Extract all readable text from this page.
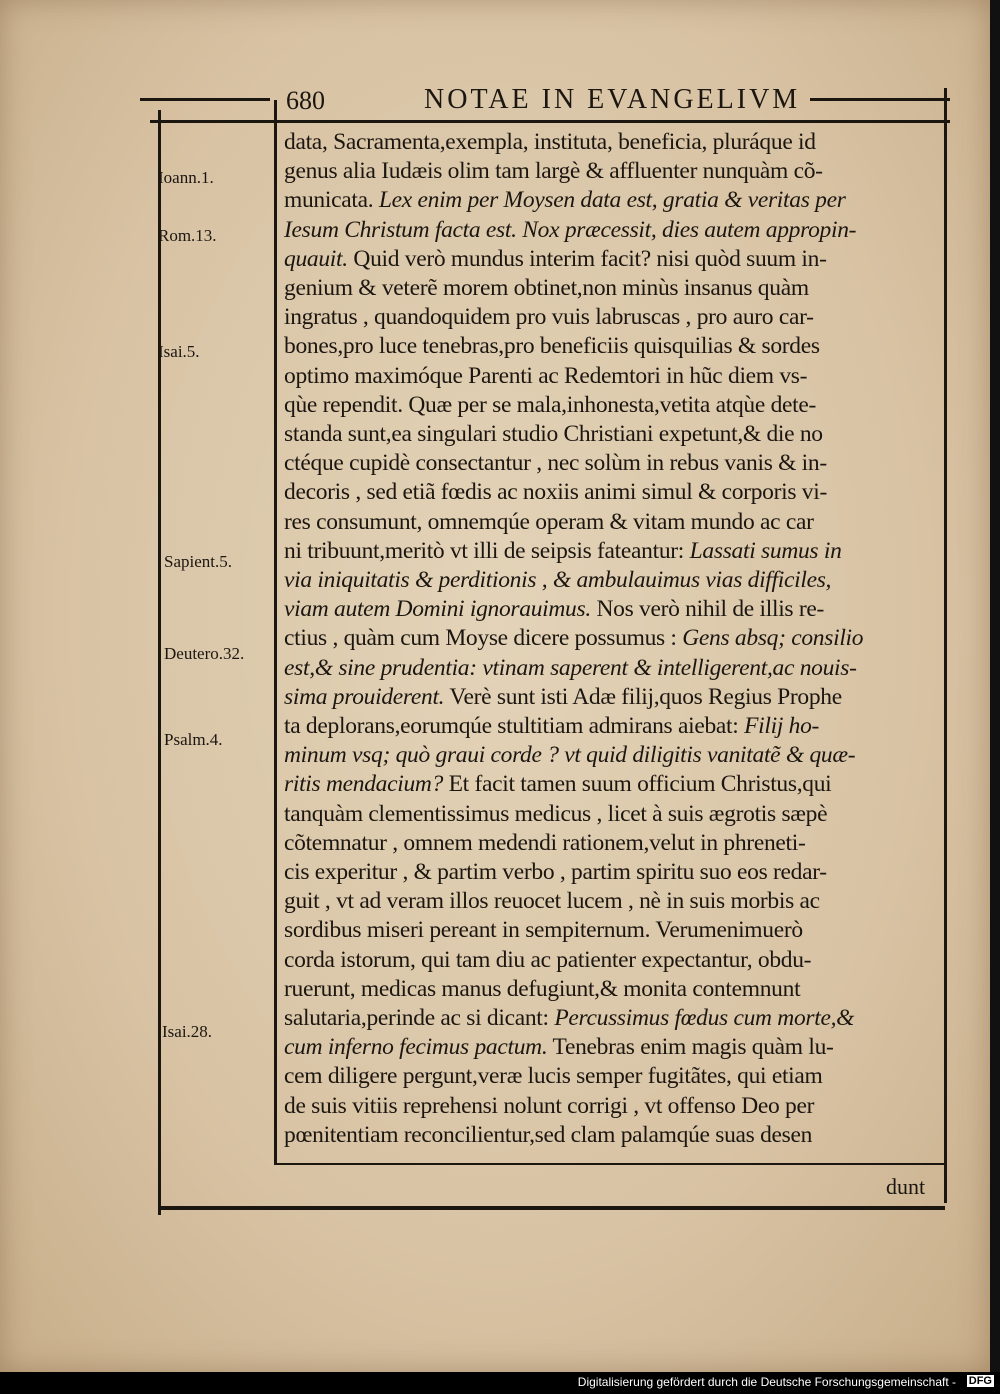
680	NOTAE IN EVANGELIVM
Ioann.1.
Rom.13.
Isai.5.
Sapient.5.
Deutero.32.
Psalm.4.
Isai.28.
data, Sacramenta,exempla, instituta, beneficia, pluráque id
genus alia Iudæis olim tam largè & affluenter nunquàm cõ-
municata. Lex enim per Moysen data est, gratia & veritas per
Iesum Christum facta est. Nox præcessit, dies autem appropin-
quauit. Quid verò mundus interim facit? nisi quòd suum in-
genium & veterẽ morem obtinet,non minùs insanus quàm
ingratus , quandoquidem pro vuis labruscas , pro auro car-
bones,pro luce tenebras,pro beneficiis quisquilias & sordes
optimo maximóque Parenti ac Redemtori in hũc diem vs-
qùe rependit. Quæ per se mala,inhonesta,vetita atqùe dete-
standa sunt,ea singulari studio Christiani expetunt,& die no
ctéque cupidè consectantur , nec solùm in rebus vanis & in-
decoris , sed etiã fœdis ac noxiis animi simul & corporis vi-
res consumunt, omnemqúe operam & vitam mundo ac car
ni tribuunt,meritò vt illi de seipsis fateantur: Lassati sumus in
via iniquitatis & perditionis , & ambulauimus vias difficiles,
viam autem Domini ignorauimus. Nos verò nihil de illis re-
ctius , quàm cum Moyse dicere possumus : Gens absq; consilio
est,& sine prudentia: vtinam saperent & intelligerent,ac nouis-
sima prouiderent. Verè sunt isti Adæ filij,quos Regius Prophe
ta deplorans,eorumqúe stultitiam admirans aiebat: Filij ho-
minum vsq; quò graui corde ? vt quid diligitis vanitatẽ & quæ-
ritis mendacium? Et facit tamen suum officium Christus,qui
tanquàm clementissimus medicus , licet à suis ægrotis sæpè
cõtemnatur , omnem medendi rationem,velut in phreneti-
cis experitur , & partim verbo , partim spiritu suo eos redar-
guit , vt ad veram illos reuocet lucem , nè in suis morbis ac
sordibus miseri pereant in sempiternum. Verumenimuerò
corda istorum, qui tam diu ac patienter expectantur, obdu-
ruerunt, medicas manus defugiunt,& monita contemnunt
salutaria,perinde ac si dicant: Percussimus fœdus cum morte,&
cum inferno fecimus pactum. Tenebras enim magis quàm lu-
cem diligere pergunt,veræ lucis semper fugitãtes, qui etiam
de suis vitiis reprehensi nolunt corrigi , vt offenso Deo per
pœnitentiam reconcilientur,sed clam palamqúe suas desen
dunt
Digitalisierung gefördert durch die Deutsche Forschungsgemeinschaft - DFG
